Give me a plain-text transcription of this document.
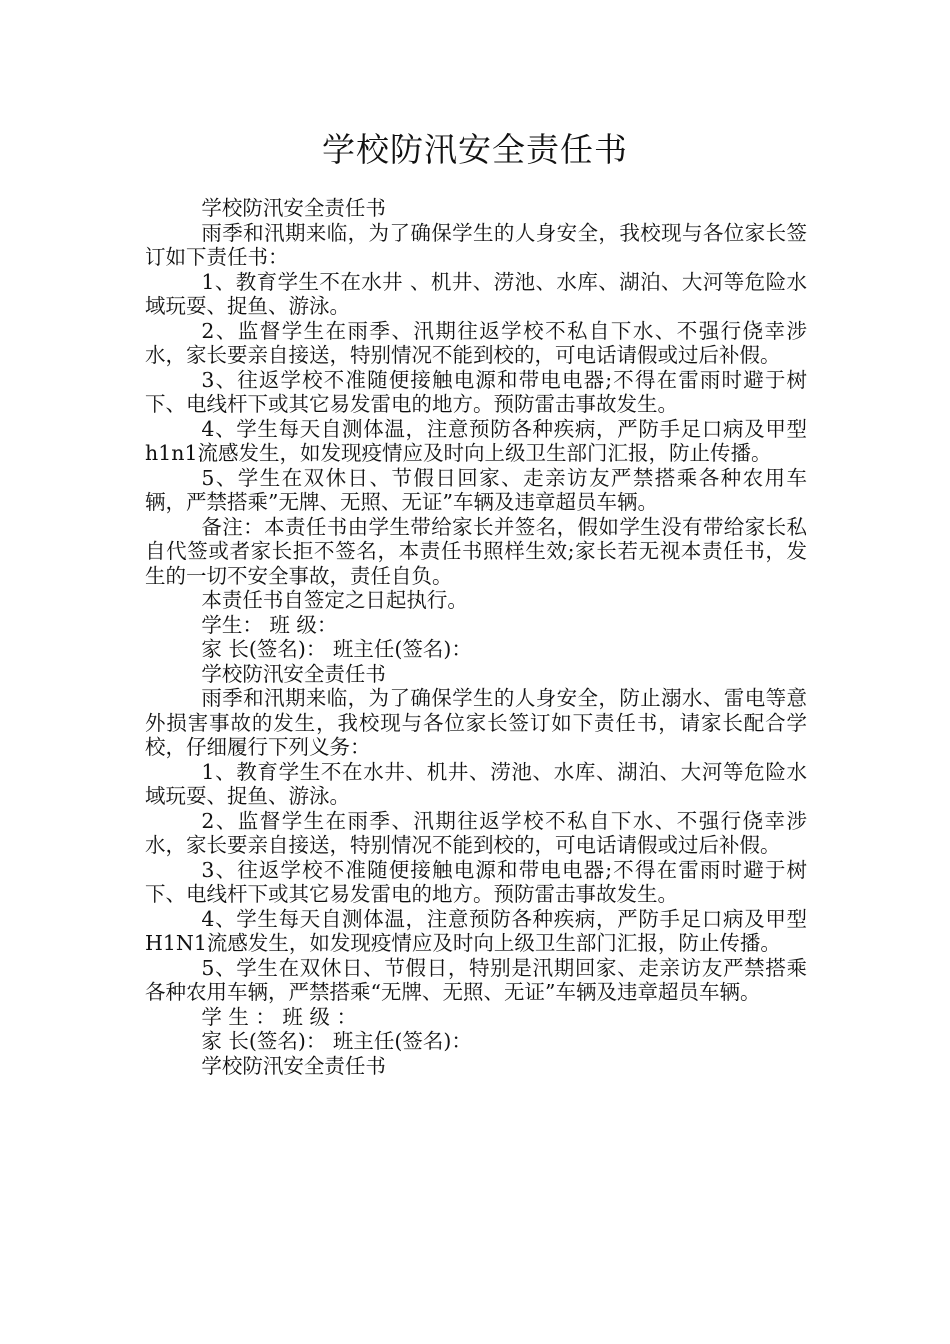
学校防汛安全责任书

学校防汛安全责任书

雨季和汛期来临，为了确保学生的人身安全，我校现与各位家长签订如下责任书：

1、教育学生不在水井 、机井、涝池、水库、湖泊、大河等危险水域玩耍、捉鱼、游泳。

2、监督学生在雨季、汛期往返学校不私自下水、不强行侥幸涉水，家长要亲自接送，特别情况不能到校的，可电话请假或过后补假。

3、往返学校不准随便接触电源和带电电器;不得在雷雨时避于树下、电线杆下或其它易发雷电的地方。预防雷击事故发生。

4、学生每天自测体温，注意预防各种疾病，严防手足口病及甲型h1n1流感发生，如发现疫情应及时向上级卫生部门汇报，防止传播。

5、学生在双休日、节假日回家、走亲访友严禁搭乘各种农用车辆，严禁搭乘”无牌、无照、无证”车辆及违章超员车辆。

备注：本责任书由学生带给家长并签名，假如学生没有带给家长私自代签或者家长拒不签名，本责任书照样生效;家长若无视本责任书，发生的一切不安全事故，责任自负。

本责任书自签定之日起执行。

学生： 班 级：

家 长(签名)： 班主任(签名)：

学校防汛安全责任书

雨季和汛期来临，为了确保学生的人身安全，防止溺水、雷电等意外损害事故的发生，我校现与各位家长签订如下责任书，请家长配合学校，仔细履行下列义务：

1、教育学生不在水井、机井、涝池、水库、湖泊、大河等危险水域玩耍、捉鱼、游泳。

2、监督学生在雨季、汛期往返学校不私自下水、不强行侥幸涉水，家长要亲自接送，特别情况不能到校的，可电话请假或过后补假。

3、往返学校不准随便接触电源和带电电器;不得在雷雨时避于树下、电线杆下或其它易发雷电的地方。预防雷击事故发生。

4、学生每天自测体温，注意预防各种疾病，严防手足口病及甲型H1N1流感发生，如发现疫情应及时向上级卫生部门汇报，防止传播。

5、学生在双休日、节假日，特别是汛期回家、走亲访友严禁搭乘各种农用车辆，严禁搭乘“无牌、无照、无证”车辆及违章超员车辆。

学 生 ： 班 级 ：

家 长(签名)： 班主任(签名)：

学校防汛安全责任书
